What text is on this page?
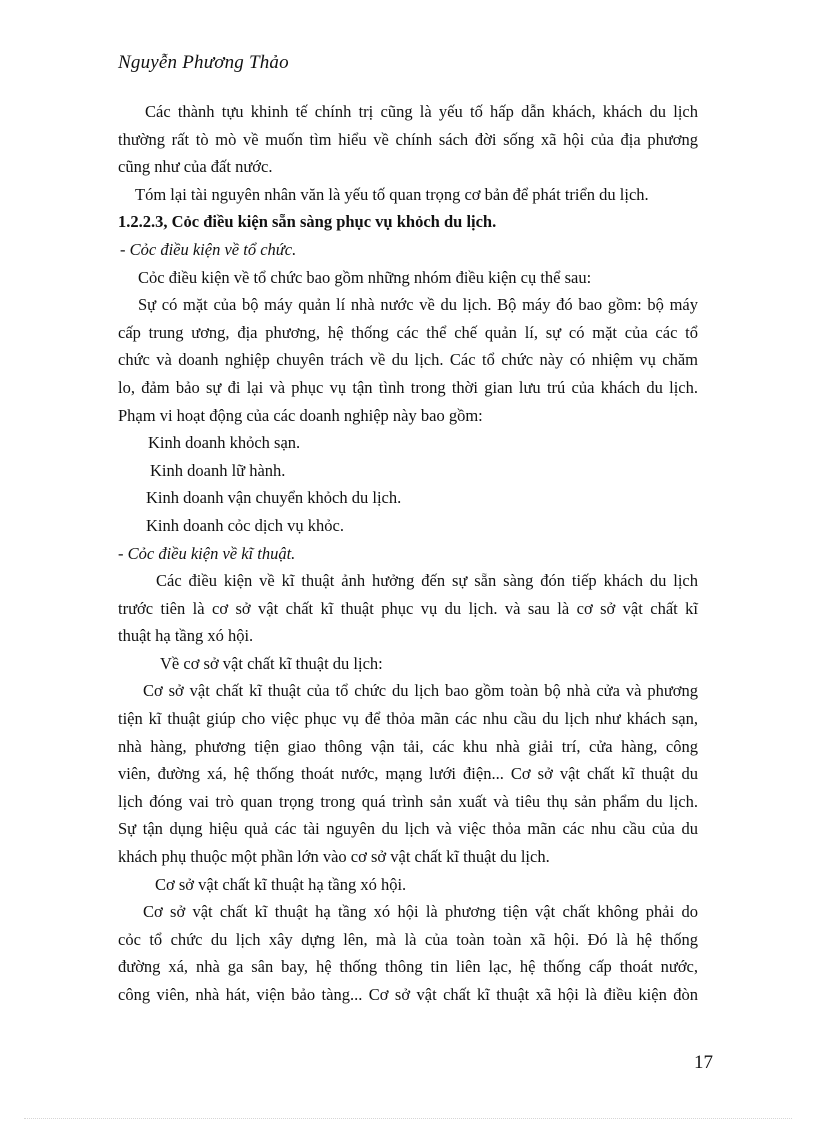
Nguyễn Phương Thảo
Các thành tựu khinh tế chính trị cũng là yếu tố hấp dẫn khách, khách du lịch
thường rất tò mò về muốn tìm hiểu về chính sách đời sống xã hội của địa phương
cũng như của đất nước.
Tóm lại tài nguyên nhân văn là yếu tố quan trọng cơ bản để phát triển du lịch.
1.2.2.3, Cỏc điều kiện sẵn sàng phục vụ khỏch du lịch.
- Cỏc điều kiện về tổ chức.
Cỏc điều kiện về tổ chức bao gồm những nhóm điều kiện cụ thể sau:
Sự có mặt của bộ máy quản lí nhà nước về du lịch. Bộ máy đó bao gồm: bộ máy
cấp trung ương, địa phương, hệ thống các thể chế quản lí, sự có mặt của các tổ
chức và doanh nghiệp chuyên trách về du lịch. Các tổ chức này có nhiệm vụ chăm
lo, đảm bảo sự đi lại và phục vụ tận tình trong thời gian lưu trú của khách du lịch.
Phạm vi hoạt động của các doanh nghiệp này bao gồm:
Kinh doanh khỏch sạn.
Kinh doanh lữ hành.
Kinh doanh vận chuyển khỏch du lịch.
Kinh doanh cỏc dịch vụ khỏc.
- Cỏc điều kiện về kĩ thuật.
Các điều kiện về kĩ thuật ảnh hưởng đến sự sẵn sàng đón tiếp khách du lịch
trước tiên là cơ sở vật chất kĩ thuật phục vụ du lịch. và sau là cơ sở vật chất kĩ
thuật hạ tầng xó hội.
Về cơ sở vật chất kĩ thuật du lịch:
Cơ sở vật chất kĩ thuật của tổ chức du lịch bao gồm toàn bộ nhà cửa và phương
tiện kĩ thuật giúp cho việc phục vụ để thỏa mãn các nhu cầu du lịch như khách sạn,
nhà hàng, phương tiện giao thông vận tải, các khu nhà giải trí, cửa hàng, công
viên, đường xá, hệ thống thoát nước, mạng lưới điện... Cơ sở vật chất kĩ thuật du
lịch đóng vai trò quan trọng trong quá trình sản xuất và tiêu thụ sản phẩm du lịch.
Sự tận dụng hiệu quả các tài nguyên du lịch và việc thỏa mãn các nhu cầu của du
khách phụ thuộc một phần lớn vào cơ sở vật chất kĩ thuật du lịch.
Cơ sở vật chất kĩ thuật hạ tầng xó hội.
Cơ sở vật chất kĩ thuật hạ tầng xó hội là phương tiện vật chất không phải do
cỏc tổ chức du lịch xây dựng lên, mà là của toàn toàn xã hội. Đó là hệ thống
đường xá, nhà ga sân bay, hệ thống thông tin liên lạc, hệ thống cấp thoát nước,
công viên, nhà hát, viện bảo tàng... Cơ sở vật chất kĩ thuật xã hội là điều kiện đòn
17
